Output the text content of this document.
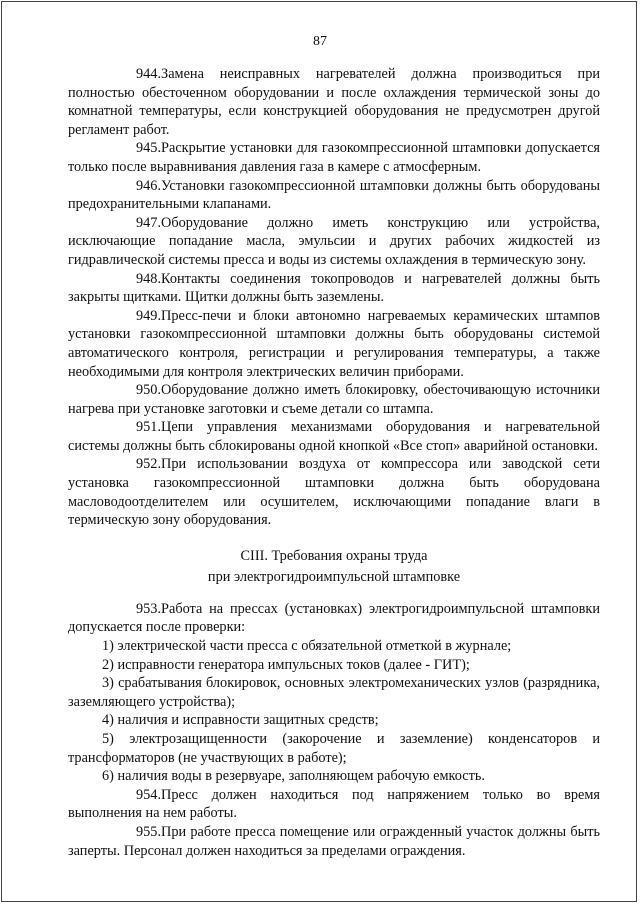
87

944.Замена неисправных нагревателей должна производиться при полностью обесточенном оборудовании и после охлаждения термической зоны до комнатной температуры, если конструкцией оборудования не предусмотрен другой регламент работ.

945.Раскрытие установки для газокомпрессионной штамповки допускается только после выравнивания давления газа в камере с атмосферным.

946.Установки газокомпрессионной штамповки должны быть оборудованы предохранительными клапанами.

947.Оборудование должно иметь конструкцию или устройства, исключающие попадание масла, эмульсии и других рабочих жидкостей из гидравлической системы пресса и воды из системы охлаждения в термическую зону.

948.Контакты соединения токопроводов и нагревателей должны быть закрыты щитками. Щитки должны быть заземлены.

949.Пресс-печи и блоки автономно нагреваемых керамических штампов установки газокомпрессионной штамповки должны быть оборудованы системой автоматического контроля, регистрации и регулирования температуры, а также необходимыми для контроля электрических величин приборами.

950.Оборудование должно иметь блокировку, обесточивающую источники нагрева при установке заготовки и съеме детали со штампа.

951.Цепи управления механизмами оборудования и нагревательной системы должны быть сблокированы одной кнопкой «Все стоп» аварийной остановки.

952.При использовании воздуха от компрессора или заводской сети установка газокомпрессионной штамповки должна быть оборудована масловодоотделителем или осушителем, исключающими попадание влаги в термическую зону оборудования.

CIII. Требования охраны труда
при электрогидроимпульсной штамповке

953.Работа на прессах (установках) электрогидроимпульсной штамповки допускается после проверки:

1) электрической части пресса с обязательной отметкой в журнале;

2) исправности генератора импульсных токов (далее - ГИТ);

3) срабатывания блокировок, основных электромеханических узлов (разрядника, заземляющего устройства);

4) наличия и исправности защитных средств;

5) электрозащищенности (закорочение и заземление) конденсаторов и трансформаторов (не участвующих в работе);

6) наличия воды в резервуаре, заполняющем рабочую емкость.

954.Пресс должен находиться под напряжением только во время выполнения на нем работы.

955.При работе пресса помещение или огражденный участок должны быть заперты. Персонал должен находиться за пределами ограждения.
